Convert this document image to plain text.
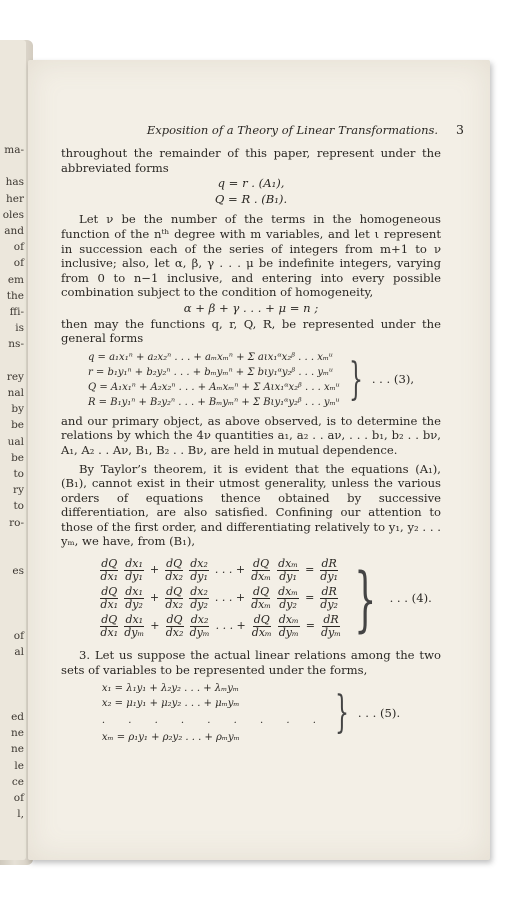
ma-
has
her
oles
and
of
of
em
the
ffi-
is
ns-
rey
nal
by
be
ual
be
to
ry
to
ro-
es
of
al
ed
ne
ne
le
ce
of
l,
Exposition of a Theory of Linear Transformations. 3

throughout the remainder of this paper, represent under the abbreviated forms

q = r . (A₁),
Q = R . (B₁).

Let ν be the number of the terms in the homogeneous function of the nᵗʰ degree with m variables, and let ι represent in succession each of the series of integers from m+1 to ν inclusive; also, let α, β, γ . . . μ be indefinite integers, varying from 0 to n−1 inclusive, and entering into every possible combination subject to the condition of homogeneity,

α + β + γ . . . + μ = n ;

then may the functions q, r, Q, R, be represented under the general forms

q = a₁x₁ⁿ + a₂x₂ⁿ . . . + aₘxₘⁿ + Σ aιx₁ᵅx₂ᵝ . . . xₘᵘ
r = b₁y₁ⁿ + b₂y₂ⁿ . . . + bₘyₘⁿ + Σ bιy₁ᵅy₂ᵝ . . . yₘᵘ
Q = A₁x₁ⁿ + A₂x₂ⁿ . . . + Aₘxₘⁿ + Σ Aιx₁ᵅx₂ᵝ . . . xₘᵘ
R = B₁y₁ⁿ + B₂y₂ⁿ . . . + Bₘyₘⁿ + Σ Bιy₁ᵅy₂ᵝ . . . yₘᵘ } . . . (3),

and our primary object, as above observed, is to determine the relations by which the 4ν quantities a₁, a₂ . . aν, . . . b₁, b₂ . . bν, A₁, A₂ . . Aν, B₁, B₂ . . Bν, are held in mutual dependence.

By Taylor’s theorem, it is evident that the equations (A₁), (B₁), cannot exist in their utmost generality, unless the various orders of equations thence obtained by successive differentiation, are also satisfied. Confining our attention to those of the first order, and differentiating relatively to y₁, y₂ . . . yₘ, we have, from (B₁),

$\frac{dQ}{\text{dx₁}} \frac{\text{dx₁}}{\text{dy₁}} + \frac{dQ}{\text{dx₂}} \frac{\text{dx₂}}{\text{dy₁}}$ . . . + $\frac{dQ}{\text{dxₘ}} \frac{\text{dxₘ}}{\text{dy₁}} = \frac{dR}{\text{dy₁}}$
$\frac{dQ}{\text{dx₁}} \frac{\text{dx₁}}{\text{dy₂}} + \frac{dQ}{\text{dx₂}} \frac{\text{dx₂}}{\text{dy₂}}$ . . . + $\frac{dQ}{\text{dxₘ}} \frac{\text{dxₘ}}{\text{dy₂}} = \frac{dR}{\text{dy₂}}$
$\frac{dQ}{\text{dx₁}} \frac{\text{dx₁}}{\text{dyₘ}} + \frac{dQ}{\text{dx₂}} \frac{\text{dx₂}}{\text{dyₘ}}$ . . . + $\frac{dQ}{\text{dxₘ}} \frac{\text{dxₘ}}{\text{dyₘ}} = \frac{dR}{\text{dyₘ}}$ } . . . (4).

3. Let us suppose the actual linear relations among the two sets of variables to be represented under the forms,

x₁ = λ₁y₁ + λ₂y₂ . . . + λₘyₘ
x₂ = μ₁y₁ + μ₂y₂ . . . + μₘyₘ
. . . . . . . . .
xₘ = ρ₁y₁ + ρ₂y₂ . . . + ρₘyₘ	} . . . (5).
